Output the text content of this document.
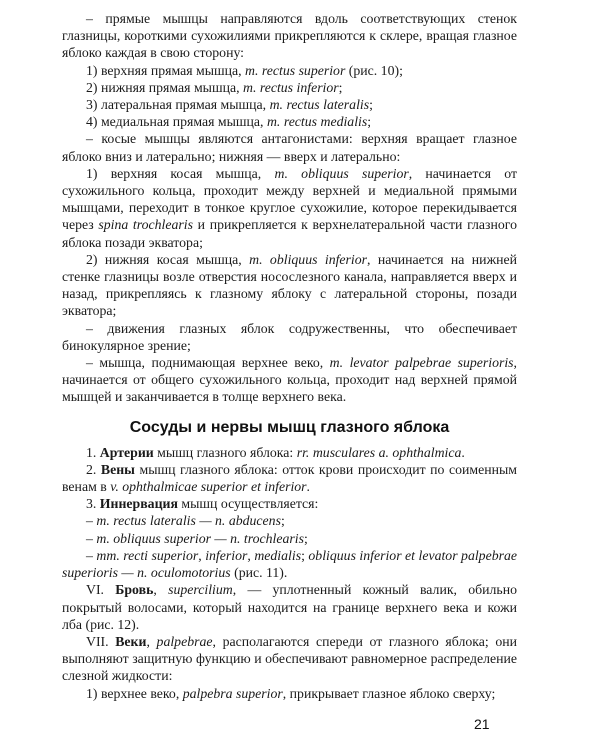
– прямые мышцы направляются вдоль соответствующих стенок глазницы, короткими сухожилиями прикрепляются к склере, вращая глазное яблоко каждая в свою сторону:

1) верхняя прямая мышца, m. rectus superior (рис. 10);

2) нижняя прямая мышца, m. rectus inferior;

3) латеральная прямая мышца, m. rectus lateralis;

4) медиальная прямая мышца, m. rectus medialis;

– косые мышцы являются антагонистами: верхняя вращает глазное яблоко вниз и латерально; нижняя — вверх и латерально:

1) верхняя косая мышца, m. obliquus superior, начинается от сухожильного кольца, проходит между верхней и медиальной прямыми мышцами, переходит в тонкое круглое сухожилие, которое перекидывается через spina trochlearis и прикрепляется к верхнелатеральной части глазного яблока позади экватора;

2) нижняя косая мышца, m. obliquus inferior, начинается на нижней стенке глазницы возле отверстия носослезного канала, направляется вверх и назад, прикрепляясь к глазному яблоку с латеральной стороны, позади экватора;

– движения глазных яблок содружественны, что обеспечивает бинокулярное зрение;

– мышца, поднимающая верхнее веко, m. levator palpebrae superioris, начинается от общего сухожильного кольца, проходит над верхней прямой мышцей и заканчивается в толще верхнего века.

Сосуды и нервы мышц глазного яблока

1. Артерии мышц глазного яблока: rr. musculares a. ophthalmica.

2. Вены мышц глазного яблока: отток крови происходит по соименным венам в v. ophthalmicae superior et inferior.

3. Иннервация мышц осуществляется:

– m. rectus lateralis — n. abducens;

– m. obliquus superior — n. trochlearis;

– mm. recti superior, inferior, medialis; obliquus inferior et levator palpebrae superioris — n. oculomotorius (рис. 11).

VI. Бровь, supercilium, — уплотненный кожный валик, обильно покрытый волосами, который находится на границе верхнего века и кожи лба (рис. 12).

VII. Веки, palpebrae, располагаются спереди от глазного яблока; они выполняют защитную функцию и обеспечивают равномерное распределение слезной жидкости:

1) верхнее веко, palpebra superior, прикрывает глазное яблоко сверху;

21
